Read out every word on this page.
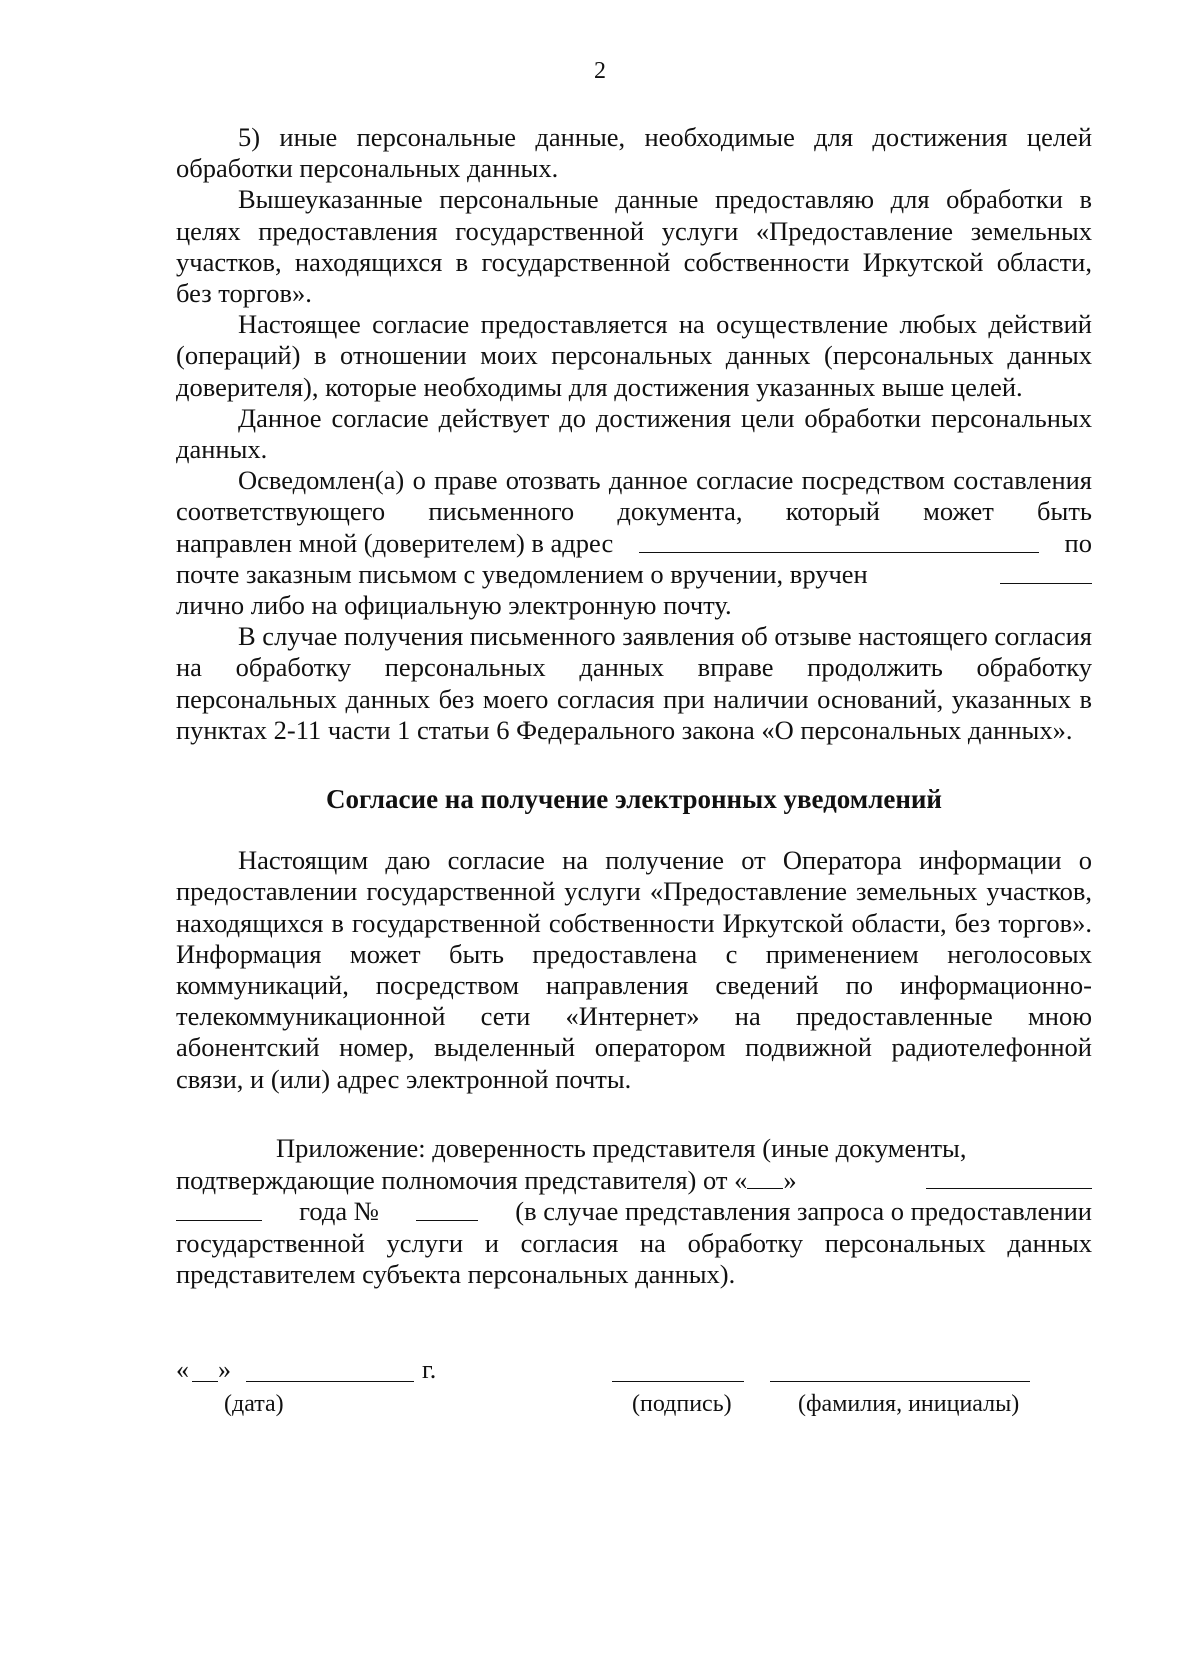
2

5) иные персональные данные, необходимые для достижения целей обработки персональных данных.

Вышеуказанные персональные данные предоставляю для обработки в целях предоставления государственной услуги «Предоставление земельных участков, находящихся в государственной собственности Иркутской области, без торгов».

Настоящее согласие предоставляется на осуществление любых действий (операций) в отношении моих персональных данных (персональных данных доверителя), которые необходимы для достижения указанных выше целей.

Данное согласие действует до достижения цели обработки персональных данных.

Осведомлен(а) о праве отозвать данное согласие посредством составления соответствующего письменного документа, который может быть

направлен мной (доверителем) в адрес	по
почте заказным письмом с уведомлением о вручении, вручен
лично либо на официальную электронную почту.

В случае получения письменного заявления об отзыве настоящего согласия на обработку персональных данных вправе продолжить обработку персональных данных без моего согласия при наличии оснований, указанных в пунктах 2-11 части 1 статьи 6 Федерального закона «О персональных данных».

Согласие на получение электронных уведомлений

Настоящим даю согласие на получение от Оператора информации о предоставлении государственной услуги «Предоставление земельных участков, находящихся в государственной собственности Иркутской области, без торгов». Информация может быть предоставлена с применением неголосовых коммуникаций, посредством направления сведений по информационно-телекоммуникационной сети «Интернет» на предоставленные мною абонентский номер, выделенный оператором подвижной радиотелефонной связи, и (или) адрес электронной почты.

Приложение: доверенность представителя (иные документы,
подтверждающие полномочия представителя) от « »
года №	(в случае представления запроса о предоставлении

государственной услуги и согласия на обработку персональных данных представителем субъекта персональных данных).

« »	г.
(дата)	(подпись)	(фамилия, инициалы)
